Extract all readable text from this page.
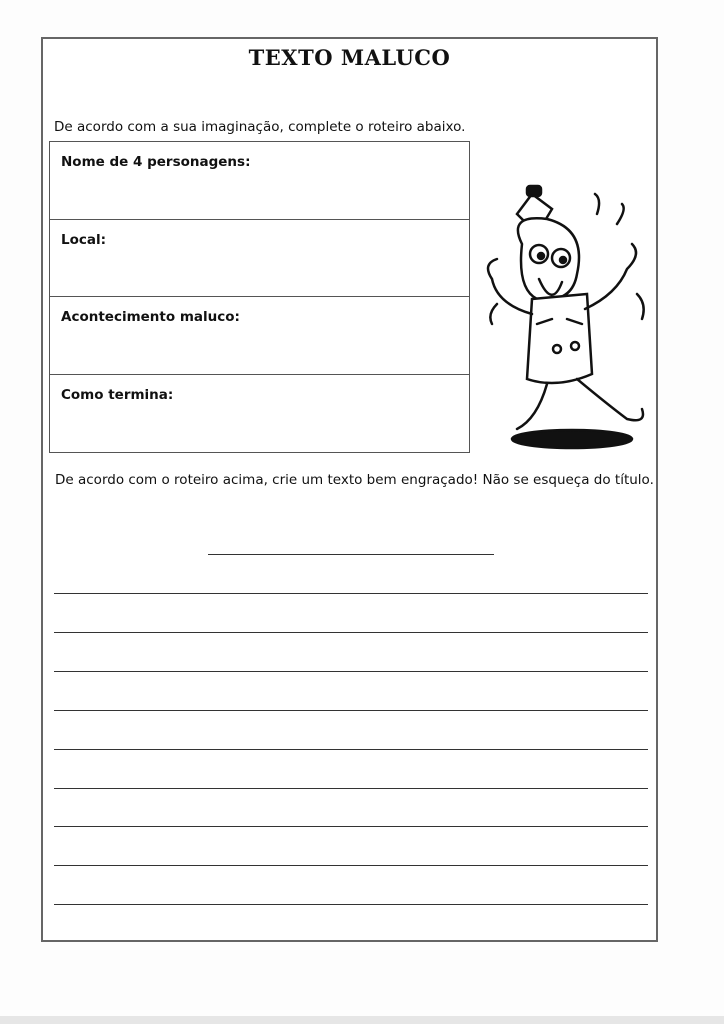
TEXTO MALUCO
De acordo com a sua imaginação, complete o roteiro abaixo.
Nome de 4 personagens:
Local:
Acontecimento maluco:
Como termina:
De acordo com o roteiro acima, crie um texto bem engraçado! Não se esqueça do título.
